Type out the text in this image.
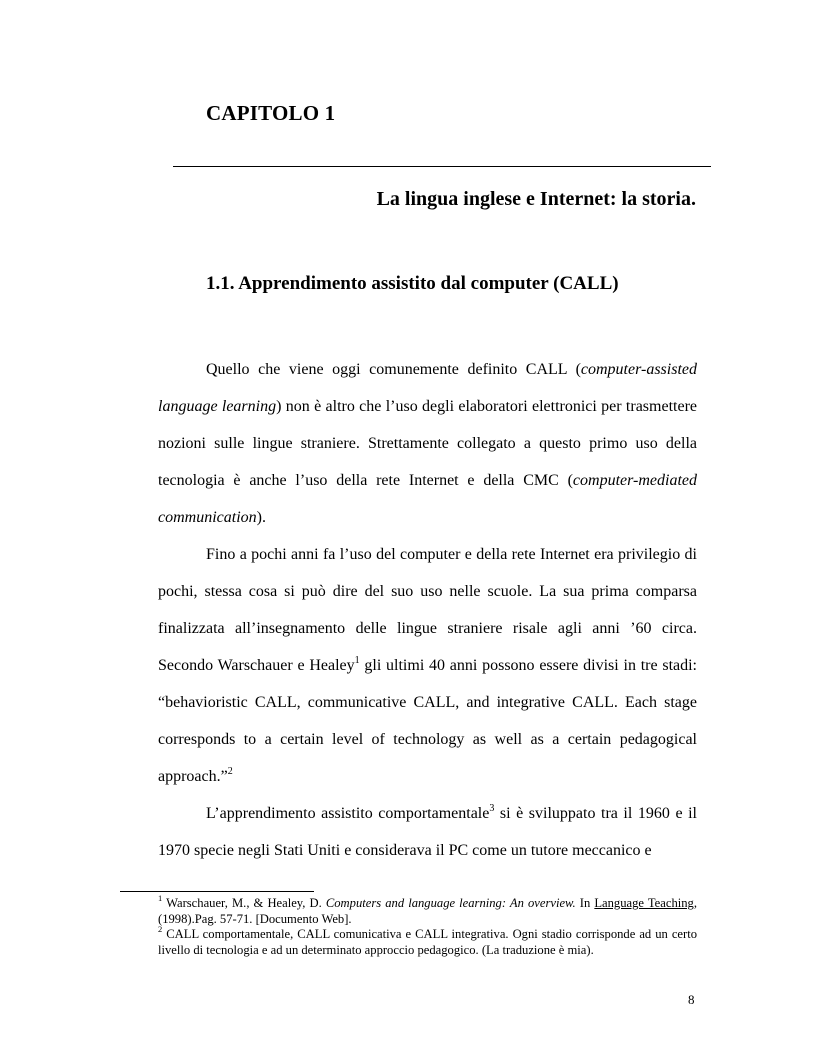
CAPITOLO 1
La lingua inglese e Internet: la storia.
1.1. Apprendimento assistito dal computer (CALL)

Quello che viene oggi comunemente definito CALL (computer-assisted language learning) non è altro che l’uso degli elaboratori elettronici per trasmettere nozioni sulle lingue straniere. Strettamente collegato a questo primo uso della tecnologia è anche l’uso della rete Internet e della CMC (computer-mediated communication).

Fino a pochi anni fa l’uso del computer e della rete Internet era privilegio di pochi, stessa cosa si può dire del suo uso nelle scuole. La sua prima comparsa finalizzata all’insegnamento delle lingue straniere risale agli anni ’60 circa. Secondo Warschauer e Healey$^1$ gli ultimi 40 anni possono essere divisi in tre stadi: “behavioristic CALL, communicative CALL, and integrative CALL. Each stage corresponds to a certain level of technology as well as a certain pedagogical approach.”$^2$

L’apprendimento assistito comportamentale$^3$ si è sviluppato tra il 1960 e il 1970 specie negli Stati Uniti e considerava il PC come un tutore meccanico e

$^1$ Warschauer, M., & Healey, D. Computers and language learning: An overview. In Language Teaching, (1998).Pag. 57-71. [Documento Web].

$^2$ CALL comportamentale, CALL comunicativa e CALL integrativa. Ogni stadio corrisponde ad un certo livello di tecnologia e ad un determinato approccio pedagogico. (La traduzione è mia).

8
